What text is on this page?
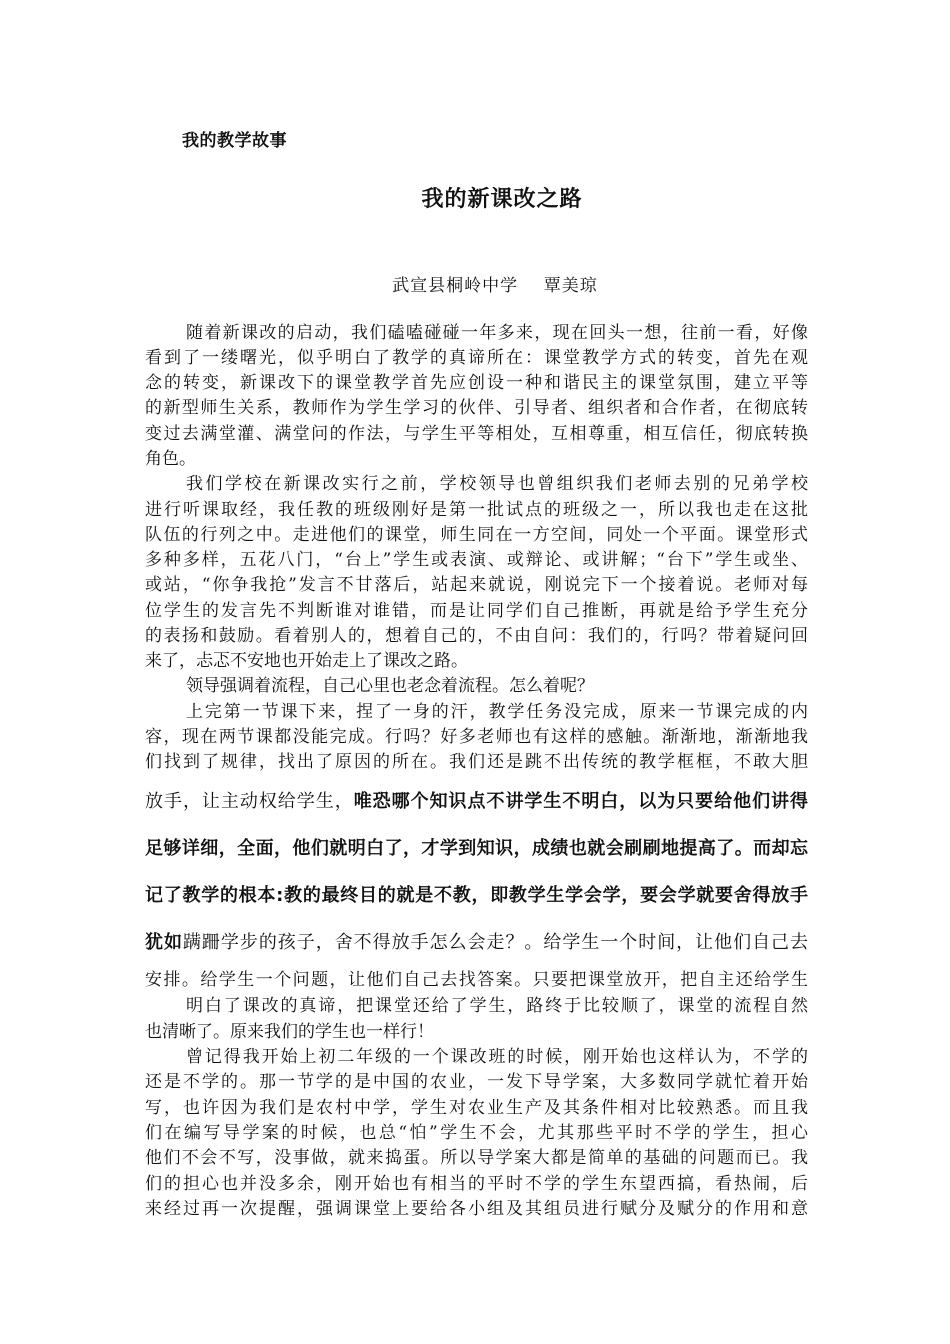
我的教学故事
我的新课改之路
武宣县桐岭中学    覃美琼
随着新课改的启动，我们磕嗑碰碰一年多来，现在回头一想，往前一看，好像
看到了一缕曙光，似乎明白了教学的真谛所在：课堂教学方式的转变，首先在观
念的转变，新课改下的课堂教学首先应创设一种和谐民主的课堂氛围，建立平等
的新型师生关系，教师作为学生学习的伙伴、引导者、组织者和合作者，在彻底转
变过去满堂灌、满堂问的作法，与学生平等相处，互相尊重，相互信任，彻底转换
角色。
我们学校在新课改实行之前，学校领导也曾组织我们老师去别的兄弟学校
进行听课取经，我任教的班级刚好是第一批试点的班级之一，所以我也走在这批
队伍的行列之中。走进他们的课堂，师生同在一方空间，同处一个平面。课堂形式
多种多样，五花八门，“台上”学生或表演、或辩论、或讲解；“台下”学生或坐、
或站，“你争我抢”发言不甘落后，站起来就说，刚说完下一个接着说。老师对每
位学生的发言先不判断谁对谁错，而是让同学们自己推断，再就是给予学生充分
的表扬和鼓励。看着别人的，想着自己的，不由自问：我们的，行吗？带着疑问回
来了，忐忑不安地也开始走上了课改之路。
领导强调着流程，自己心里也老念着流程。怎么着呢？
上完第一节课下来，捏了一身的汗，教学任务没完成，原来一节课完成的内
容，现在两节课都没能完成。行吗？好多老师也有这样的感触。渐渐地，渐渐地我
们找到了规律，找出了原因的所在。我们还是跳不出传统的教学框框，不敢大胆
放手，让主动权给学生，唯恐哪个知识点不讲学生不明白，以为只要给他们讲得
足够详细，全面，他们就明白了，才学到知识，成绩也就会刷刷地提高了。而却忘
记了教学的根本:教的最终目的就是不教，即教学生学会学，要会学就要舍得放手
犹如蹒跚学步的孩子，舍不得放手怎么会走？。给学生一个时间，让他们自己去
安排。给学生一个问题，让他们自己去找答案。只要把课堂放开，把自主还给学生
明白了课改的真谛，把课堂还给了学生，路终于比较顺了，课堂的流程自然
也清晰了。原来我们的学生也一样行！
曾记得我开始上初二年级的一个课改班的时候，刚开始也这样认为，不学的
还是不学的。那一节学的是中国的农业，一发下导学案，大多数同学就忙着开始
写，也许因为我们是农村中学，学生对农业生产及其条件相对比较熟悉。而且我
们在编写导学案的时候，也总“怕”学生不会，尤其那些平时不学的学生，担心
他们不会不写，没事做，就来捣蛋。所以导学案大都是简单的基础的问题而已。我
们的担心也并没多余，刚开始也有相当的平时不学的学生东望西搞，看热闹，后
来经过再一次提醒，强调课堂上要给各小组及其组员进行赋分及赋分的作用和意
